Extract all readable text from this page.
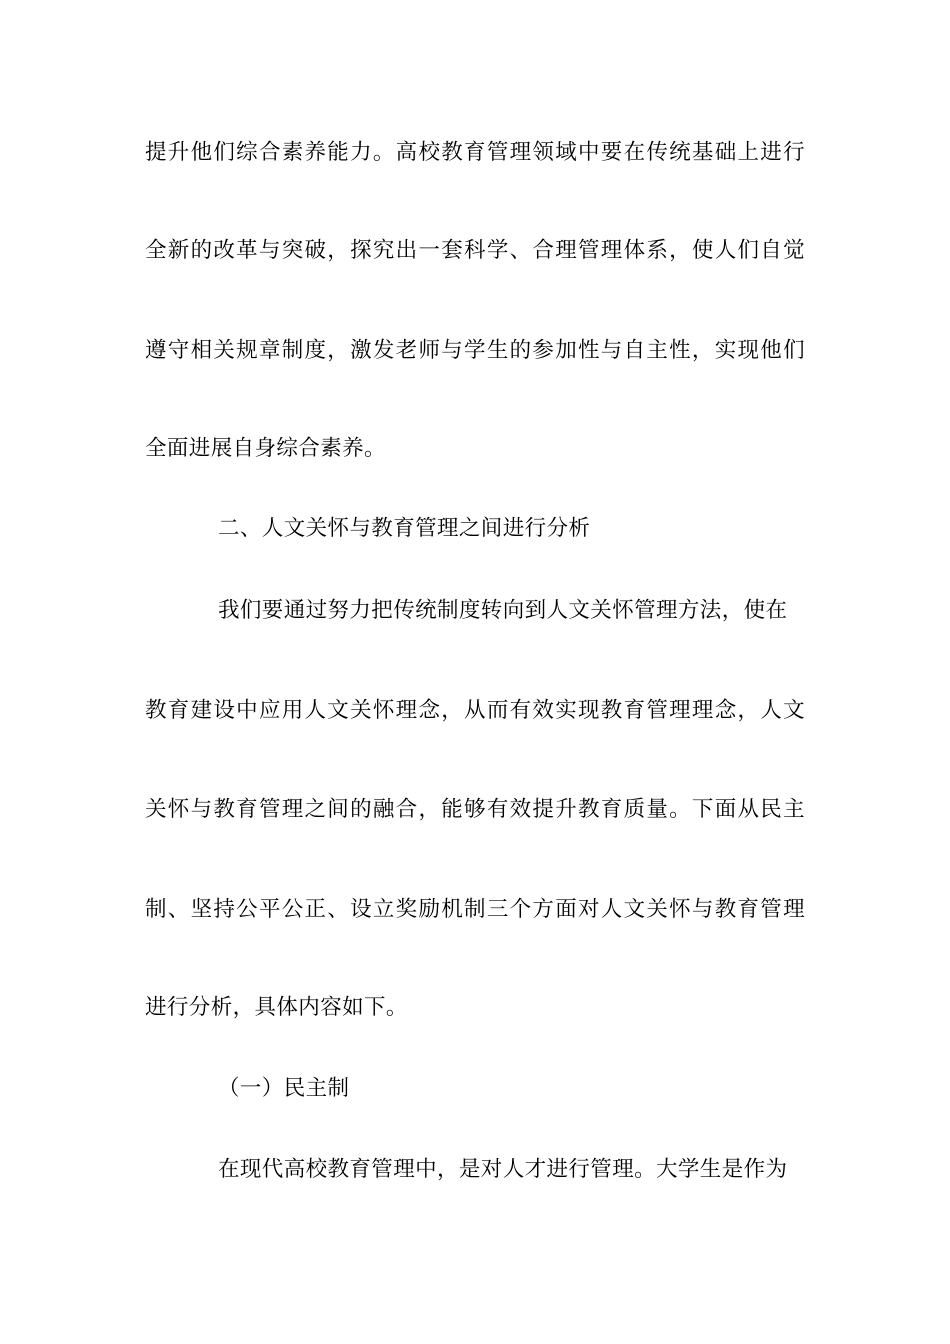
提升他们综合素养能力。高校教育管理领域中要在传统基础上进行
全新的改革与突破，探究出一套科学、合理管理体系，使人们自觉
遵守相关规章制度，激发老师与学生的参加性与自主性，实现他们
全面进展自身综合素养。
二、人文关怀与教育管理之间进行分析
我们要通过努力把传统制度转向到人文关怀管理方法，使在
教育建设中应用人文关怀理念，从而有效实现教育管理理念，人文
关怀与教育管理之间的融合，能够有效提升教育质量。下面从民主
制、坚持公平公正、设立奖励机制三个方面对人文关怀与教育管理
进行分析，具体内容如下。
（一）民主制
在现代高校教育管理中，是对人才进行管理。大学生是作为
